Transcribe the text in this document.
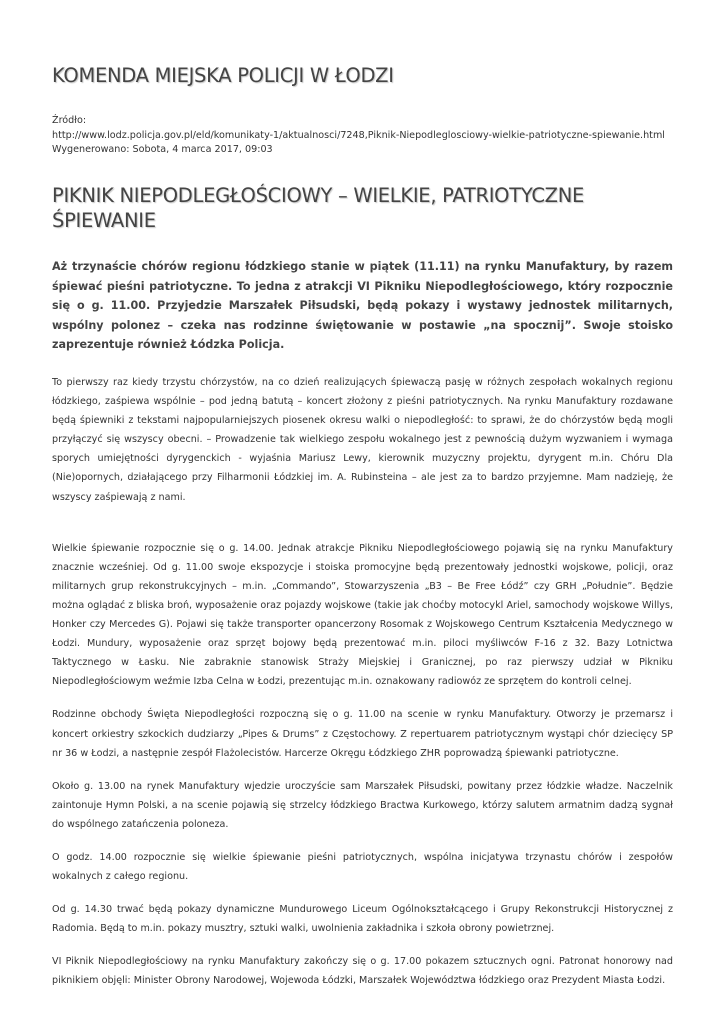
KOMENDA MIEJSKA POLICJI W ŁODZI
Źródło:
http://www.lodz.policja.gov.pl/eld/komunikaty-1/aktualnosci/7248,Piknik-Niepodleglosciowy-wielkie-patriotyczne-spiewanie.html
Wygenerowano: Sobota, 4 marca 2017, 09:03
PIKNIK NIEPODLEGŁOŚCIOWY – WIELKIE, PATRIOTYCZNE ŚPIEWANIE

Aż trzynaście chórów regionu łódzkiego stanie w piątek (11.11) na rynku Manufaktury, by razem śpiewać pieśni patriotyczne. To jedna z atrakcji VI Pikniku Niepodległościowego, który rozpocznie się o g. 11.00. Przyjedzie Marszałek Piłsudski, będą pokazy i wystawy jednostek militarnych, wspólny polonez – czeka nas rodzinne świętowanie w postawie „na spocznij”. Swoje stoisko zaprezentuje również Łódzka Policja.

To pierwszy raz kiedy trzystu chórzystów, na co dzień realizujących śpiewaczą pasję w różnych zespołach wokalnych regionu łódzkiego, zaśpiewa wspólnie – pod jedną batutą – koncert złożony z pieśni patriotycznych. Na rynku Manufaktury rozdawane będą śpiewniki z tekstami najpopularniejszych piosenek okresu walki o niepodległość: to sprawi, że do chórzystów będą mogli przyłączyć się wszyscy obecni. – Prowadzenie tak wielkiego zespołu wokalnego jest z pewnością dużym wyzwaniem i wymaga sporych umiejętności dyrygenckich - wyjaśnia Mariusz Lewy, kierownik muzyczny projektu, dyrygent m.in. Chóru Dla (Nie)opornych, działającego przy Filharmonii Łódzkiej im. A. Rubinsteina – ale jest za to bardzo przyjemne. Mam nadzieję, że wszyscy zaśpiewają z nami.

Wielkie śpiewanie rozpocznie się o g. 14.00. Jednak atrakcje Pikniku Niepodległościowego pojawią się na rynku Manufaktury znacznie wcześniej. Od g. 11.00 swoje ekspozycje i stoiska promocyjne będą prezentowały jednostki wojskowe, policji, oraz militarnych grup rekonstrukcyjnych – m.in. „Commando”, Stowarzyszenia „B3 – Be Free Łódź” czy GRH „Południe”. Będzie można oglądać z bliska broń, wyposażenie oraz pojazdy wojskowe (takie jak choćby motocykl Ariel, samochody wojskowe Willys, Honker czy Mercedes G). Pojawi się także transporter opancerzony Rosomak z Wojskowego Centrum Kształcenia Medycznego w Łodzi. Mundury, wyposażenie oraz sprzęt bojowy będą prezentować m.in. piloci myśliwców F-16 z 32. Bazy Lotnictwa Taktycznego w Łasku. Nie zabraknie stanowisk Straży Miejskiej i Granicznej, po raz pierwszy udział w Pikniku Niepodległościowym weźmie Izba Celna w Łodzi, prezentując m.in. oznakowany radiowóz ze sprzętem do kontroli celnej.

Rodzinne obchody Święta Niepodległości rozpoczną się o g. 11.00 na scenie w rynku Manufaktury. Otworzy je przemarsz i koncert orkiestry szkockich dudziarzy „Pipes & Drums” z Częstochowy. Z repertuarem patriotycznym wystąpi chór dziecięcy SP nr 36 w Łodzi, a następnie zespół Flażolecistów. Harcerze Okręgu Łódzkiego ZHR poprowadzą śpiewanki patriotyczne.

Około g. 13.00 na rynek Manufaktury wjedzie uroczyście sam Marszałek Piłsudski, powitany przez łódzkie władze. Naczelnik zaintonuje Hymn Polski, a na scenie pojawią się strzelcy łódzkiego Bractwa Kurkowego, którzy salutem armatnim dadzą sygnał do wspólnego zatańczenia poloneza.

O godz. 14.00 rozpocznie się wielkie śpiewanie pieśni patriotycznych, wspólna inicjatywa trzynastu chórów i zespołów wokalnych z całego regionu.

Od g. 14.30 trwać będą pokazy dynamiczne Mundurowego Liceum Ogólnokształcącego i Grupy Rekonstrukcji Historycznej z Radomia. Będą to m.in. pokazy musztry, sztuki walki, uwolnienia zakładnika i szkoła obrony powietrznej.

VI Piknik Niepodległościowy na rynku Manufaktury zakończy się o g. 17.00 pokazem sztucznych ogni. Patronat honorowy nad piknikiem objęli: Minister Obrony Narodowej, Wojewoda Łódzki, Marszałek Województwa łódzkiego oraz Prezydent Miasta Łodzi.
